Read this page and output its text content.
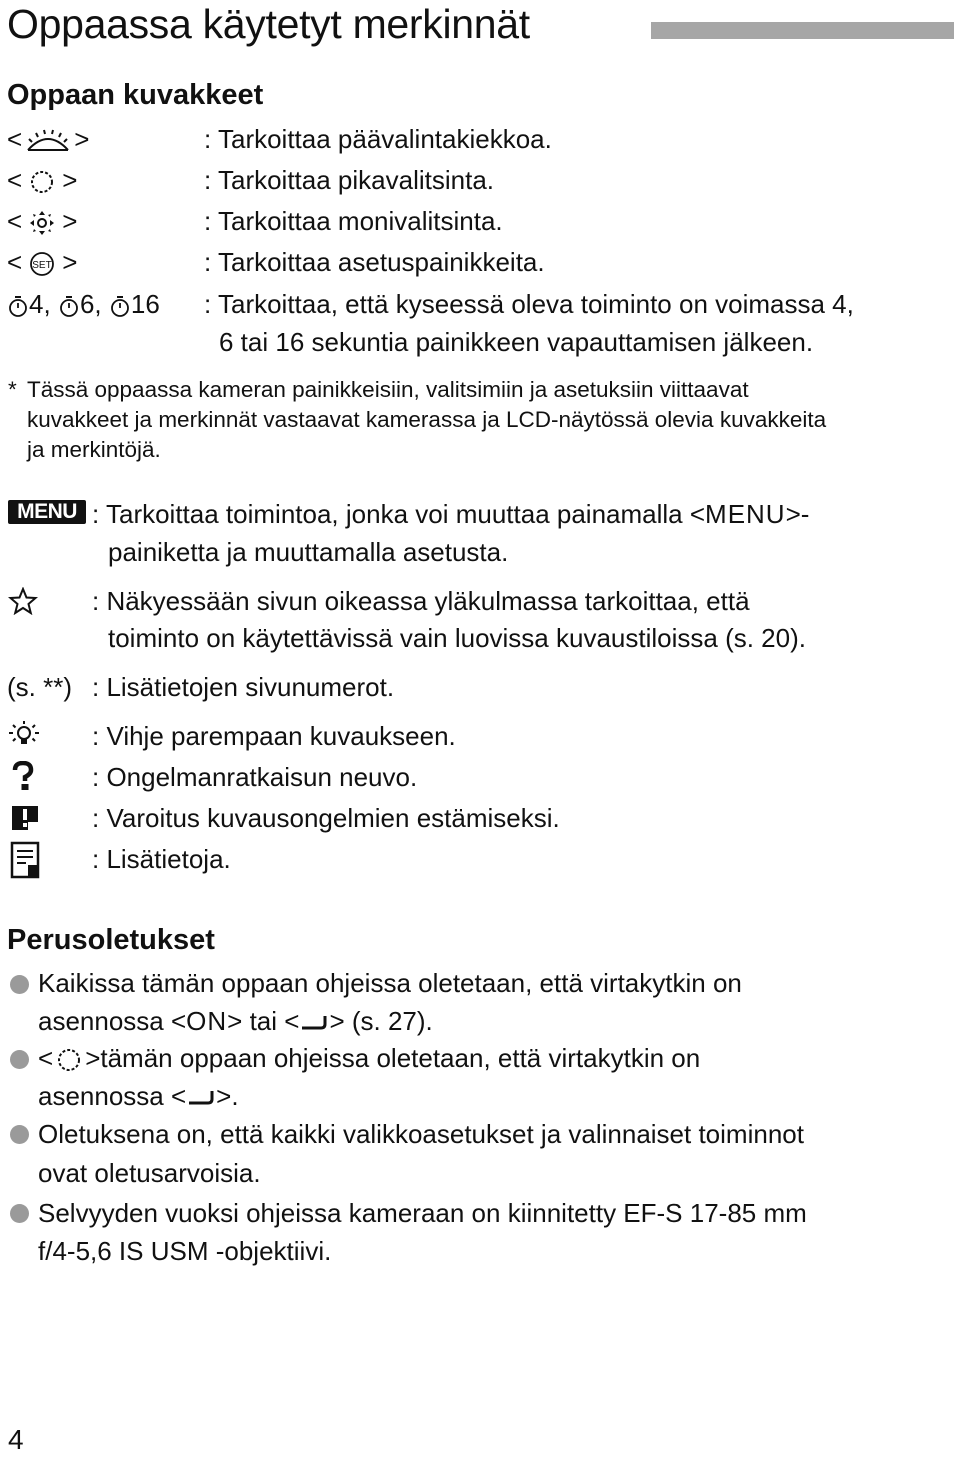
Oppaassa käytetyt merkinnät
Oppaan kuvakkeet
< >	: Tarkoittaa päävalintakiekkoa.
< >	: Tarkoittaa pikavalitsinta.
< >	: Tarkoittaa monivalitsinta.
< SET >	: Tarkoittaa asetuspainikkeita.
4, 6, 16 : Tarkoittaa, että kyseessä oleva toiminto on voimassa 4,
6 tai 16 sekuntia painikkeen vapauttamisen jälkeen.
* Tässä oppaassa kameran painikkeisiin, valitsimiin ja asetuksiin viittaavat
kuvakkeet ja merkinnät vastaavat kamerassa ja LCD-näytössä olevia kuvakkeita
ja merkintöjä.
MENU : Tarkoittaa toimintoa, jonka voi muuttaa painamalla <MENU>-
painiketta ja muuttamalla asetusta.
: Näkyessään sivun oikeassa yläkulmassa tarkoittaa, että
toiminto on käytettävissä vain luovissa kuvaustiloissa (s. 20).
(s. **) : Lisätietojen sivunumerot.
: Vihje parempaan kuvaukseen.
: Ongelmanratkaisun neuvo.
: Varoitus kuvausongelmien estämiseksi.
: Lisätietoja.
Perusoletukset
Kaikissa tämän oppaan ohjeissa oletetaan, että virtakytkin on
asennossa <ON> tai < > (s. 27).
< >tämän oppaan ohjeissa oletetaan, että virtakytkin on
asennossa < >.
Oletuksena on, että kaikki valikkoasetukset ja valinnaiset toiminnot
ovat oletusarvoisia.
Selvyyden vuoksi ohjeissa kameraan on kiinnitetty EF-S 17-85 mm
f/4-5,6 IS USM -objektiivi.
4
